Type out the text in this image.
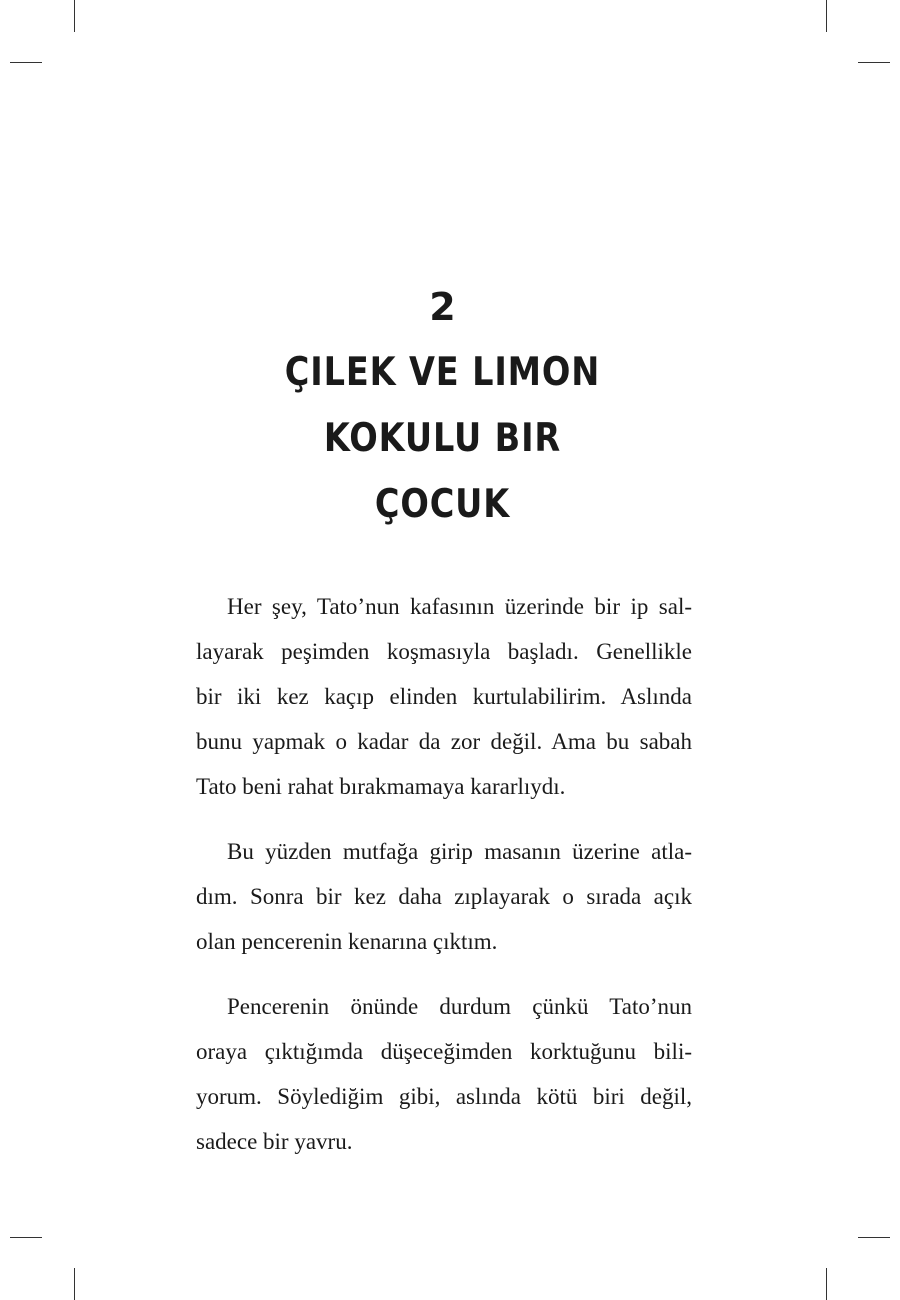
2
ÇILEK VE LIMON KOKULU BIR
ÇOCUK
Her şey, Tato’nun kafasının üzerinde bir ip sal-
layarak peşimden koşmasıyla başladı. Genellikle
bir iki kez kaçıp elinden kurtulabilirim. Aslında
bunu yapmak o kadar da zor değil. Ama bu sabah
Tato beni rahat bırakmamaya kararlıydı.
Bu yüzden mutfağa girip masanın üzerine atla-
dım. Sonra bir kez daha zıplayarak o sırada açık
olan pencerenin kenarına çıktım.
Pencerenin önünde durdum çünkü Tato’nun
oraya çıktığımda düşeceğimden korktuğunu bili-
yorum. Söylediğim gibi, aslında kötü biri değil,
sadece bir yavru.
